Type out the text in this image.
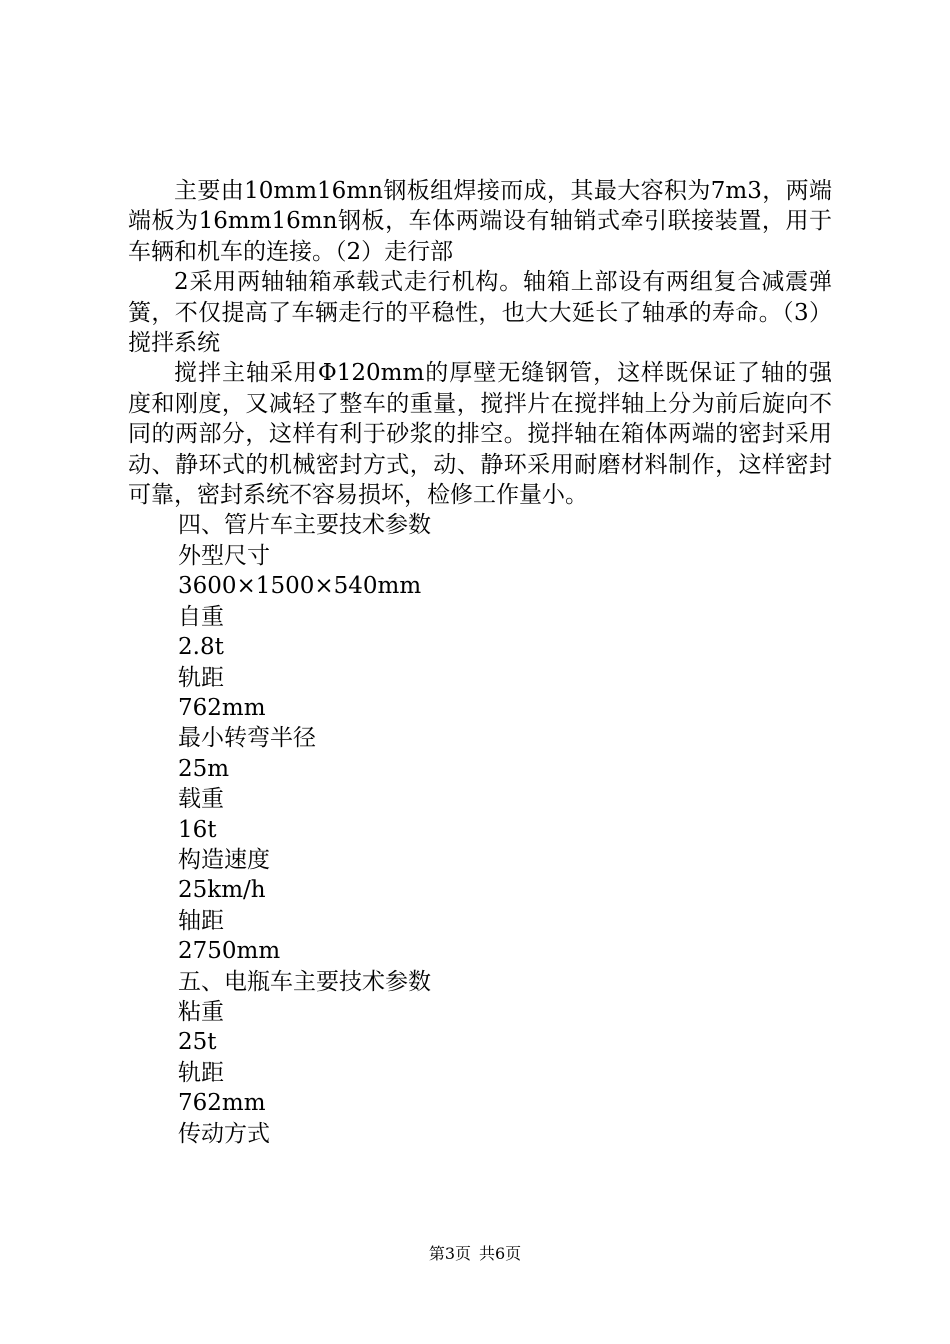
主要由10mm16mn钢板组焊接而成，其最大容积为7m3，两端端板为16mm16mn钢板，车体两端设有轴销式牵引联接装置，用于车辆和机车的连接。（2）走行部

2采用两轴轴箱承载式走行机构。轴箱上部设有两组复合减震弹簧，不仅提高了车辆走行的平稳性，也大大延长了轴承的寿命。（3）搅拌系统

搅拌主轴采用Φ120mm的厚壁无缝钢管，这样既保证了轴的强度和刚度，又减轻了整车的重量，搅拌片在搅拌轴上分为前后旋向不同的两部分，这样有利于砂浆的排空。搅拌轴在箱体两端的密封采用动、静环式的机械密封方式，动、静环采用耐磨材料制作，这样密封可靠，密封系统不容易损坏，检修工作量小。

四、管片车主要技术参数

外型尺寸

3600×1500×540mm

自重

2.8t

轨距

762mm

最小转弯半径

25m

载重

16t

构造速度

25km/h

轴距

2750mm

五、电瓶车主要技术参数

粘重

25t

轨距

762mm

传动方式

第3页 共6页
